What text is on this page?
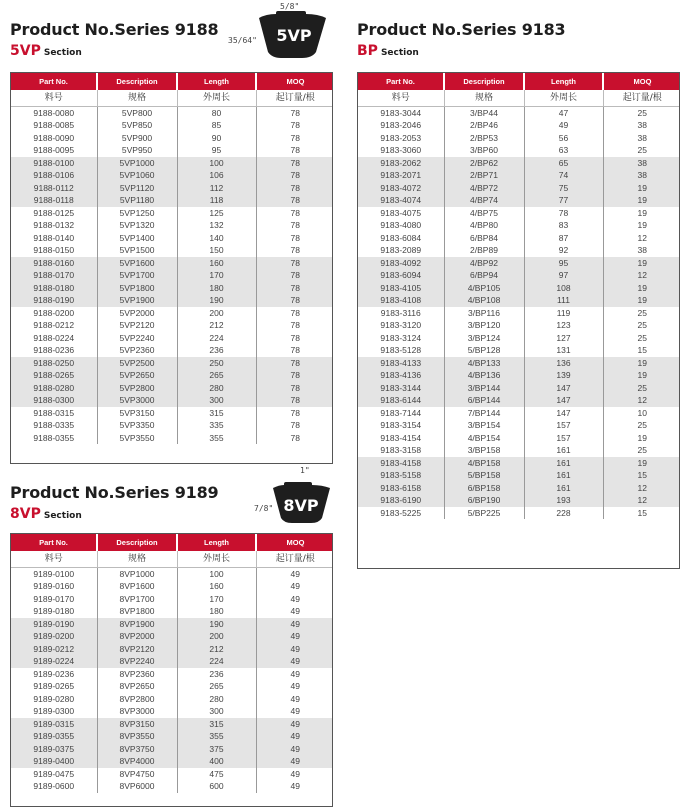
Product No.Series 9188
5VP Section
5/8"
35/64"	5VP
Part No.	Description	Length	MOQ
料号	规格	外周长	起订量/根
9188-0080	5VP800	80	78
9188-0085	5VP850	85	78
9188-0090	5VP900	90	78
9188-0095	5VP950	95	78
9188-0100	5VP1000	100	78
9188-0106	5VP1060	106	78
9188-0112	5VP1120	112	78
9188-0118	5VP1180	118	78
9188-0125	5VP1250	125	78
9188-0132	5VP1320	132	78
9188-0140	5VP1400	140	78
9188-0150	5VP1500	150	78
9188-0160	5VP1600	160	78
9188-0170	5VP1700	170	78
9188-0180	5VP1800	180	78
9188-0190	5VP1900	190	78
9188-0200	5VP2000	200	78
9188-0212	5VP2120	212	78
9188-0224	5VP2240	224	78
9188-0236	5VP2360	236	78
9188-0250	5VP2500	250	78
9188-0265	5VP2650	265	78
9188-0280	5VP2800	280	78
9188-0300	5VP3000	300	78
9188-0315	5VP3150	315	78
9188-0335	5VP3350	335	78
9188-0355	5VP3550	355	78
Product No.Series 9189
8VP Section
1"
7/8" 8VP
Part No.	Description	Length	MOQ
料号	规格	外周长	起订量/根
9189-0100	8VP1000	100	49
9189-0160	8VP1600	160	49
9189-0170	8VP1700	170	49
9189-0180	8VP1800	180	49
9189-0190	8VP1900	190	49
9189-0200	8VP2000	200	49
9189-0212	8VP2120	212	49
9189-0224	8VP2240	224	49
9189-0236	8VP2360	236	49
9189-0265	8VP2650	265	49
9189-0280	8VP2800	280	49
9189-0300	8VP3000	300	49
9189-0315	8VP3150	315	49
9189-0355	8VP3550	355	49
9189-0375	8VP3750	375	49
9189-0400	8VP4000	400	49
9189-0475	8VP4750	475	49
9189-0600	8VP6000	600	49
Product No.Series 9183
BP Section
Part No.	Description	Length	MOQ
料号	规格	外周长	起订量/根
9183-3044	3/BP44	47	25
9183-2046	2/BP46	49	38
9183-2053	2/BP53	56	38
9183-3060	3/BP60	63	25
9183-2062	2/BP62	65	38
9183-2071	2/BP71	74	38
9183-4072	4/BP72	75	19
9183-4074	4/BP74	77	19
9183-4075	4/BP75	78	19
9183-4080	4/BP80	83	19
9183-6084	6/BP84	87	12
9183-2089	2/BP89	92	38
9183-4092	4/BP92	95	19
9183-6094	6/BP94	97	12
9183-4105	4/BP105	108	19
9183-4108	4/BP108	111	19
9183-3116	3/BP116	119	25
9183-3120	3/BP120	123	25
9183-3124	3/BP124	127	25
9183-5128	5/BP128	131	15
9183-4133	4/BP133	136	19
9183-4136	4/BP136	139	19
9183-3144	3/BP144	147	25
9183-6144	6/BP144	147	12
9183-7144	7/BP144	147	10
9183-3154	3/BP154	157	25
9183-4154	4/BP154	157	19
9183-3158	3/BP158	161	25
9183-4158	4/BP158	161	19
9183-5158	5/BP158	161	15
9183-6158	6/BP158	161	12
9183-6190	6/BP190	193	12
9183-5225	5/BP225	228	15
